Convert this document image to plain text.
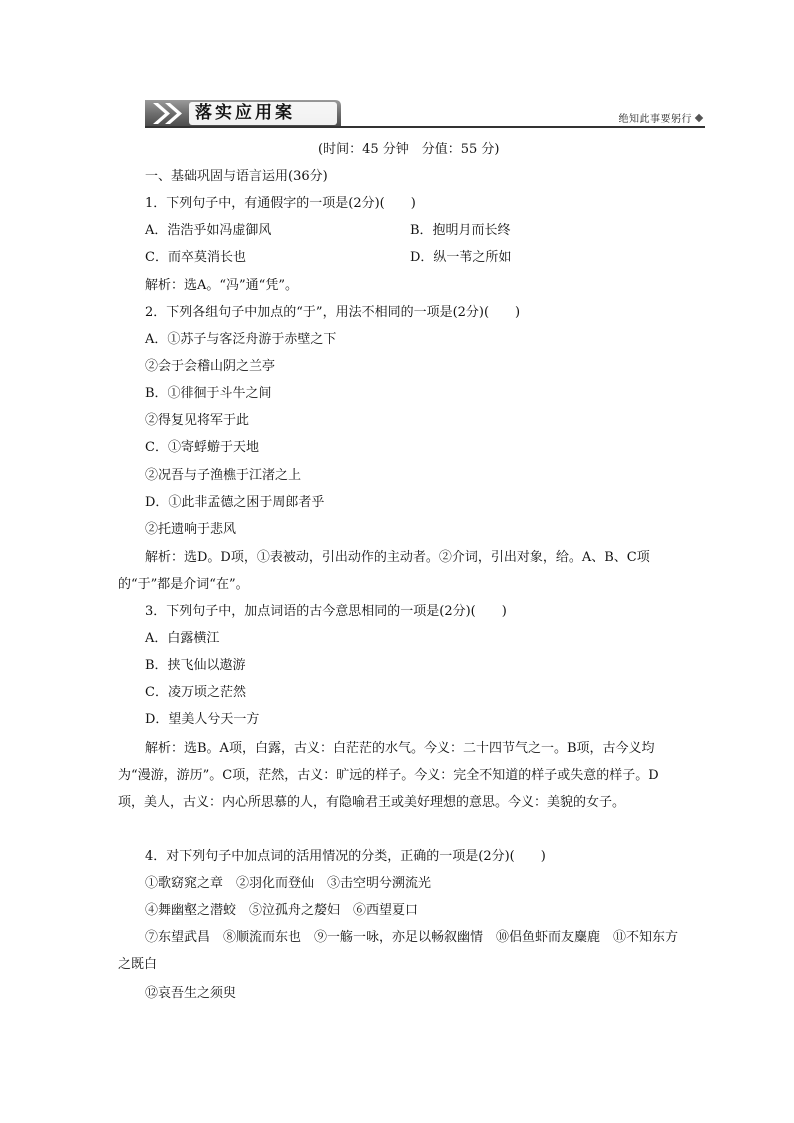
落实应用案	绝知此事要躬行
(时间：45 分钟　分值：55 分)
一、基础巩固与语言运用(36分)
1．下列句子中，有通假字的一项是(2分)(　　)
A．浩浩乎如冯虚御风	B．抱明月而长终
C．而卒莫消长也	D．纵一苇之所如
解析：选A。“冯”通“凭”。
2．下列各组句子中加点的“于”，用法不相同的一项是(2分)(　　)
A．①苏子与客泛舟游于赤壁之下
②会于会稽山阴之兰亭
B．①徘徊于斗牛之间
②得复见将军于此
C．①寄蜉蝣于天地
②况吾与子渔樵于江渚之上
D．①此非孟德之困于周郎者乎
②托遗响于悲风
解析：选D。D项，①表被动，引出动作的主动者。②介词，引出对象，给。A、B、C项的“于”都是介词“在”。
3．下列句子中，加点词语的古今意思相同的一项是(2分)(　　)
A．白露横江
B．挟飞仙以遨游
C．凌万顷之茫然
D．望美人兮天一方
解析：选B。A项，白露，古义：白茫茫的水气。今义：二十四节气之一。B项，古今义均为“漫游，游历”。C项，茫然，古义：旷远的样子。今义：完全不知道的样子或失意的样子。D项，美人，古义：内心所思慕的人，有隐喻君王或美好理想的意思。今义：美貌的女子。
4．对下列句子中加点词的活用情况的分类，正确的一项是(2分)(　　)
①歌窈窕之章　②羽化而登仙　③击空明兮溯流光
④舞幽壑之潜蛟　⑤泣孤舟之嫠妇　⑥西望夏口
⑦东望武昌　⑧顺流而东也　⑨一觞一咏，亦足以畅叙幽情　⑩侣鱼虾而友麋鹿　⑪不知东方之既白
⑫哀吾生之须臾
